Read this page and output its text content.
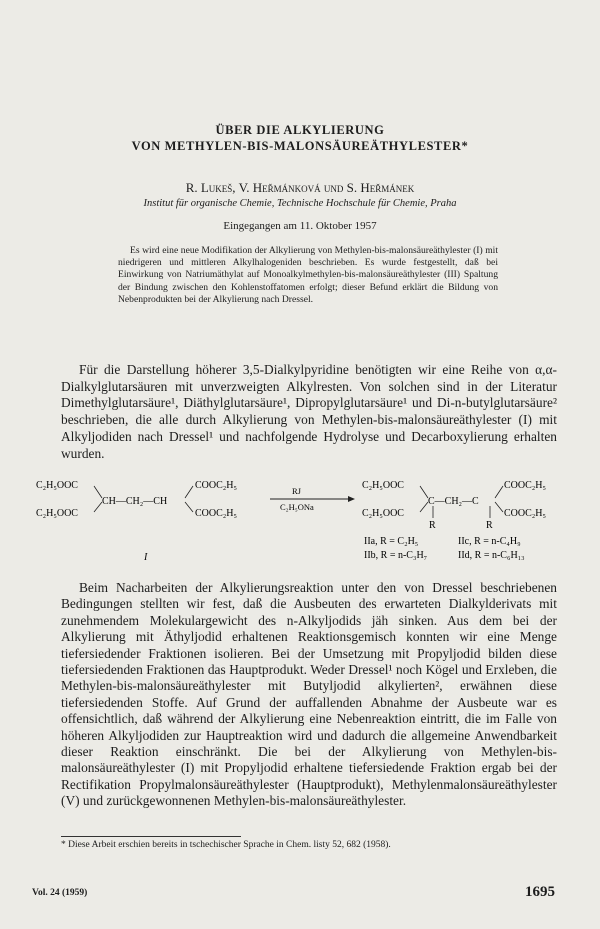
ÜBER DIE ALKYLIERUNG
VON METHYLEN-BIS-MALONSÄUREÄTHYLESTER*
R. Lukeš, V. Heřmánková und S. Heřmánek
Institut für organische Chemie, Technische Hochschule für Chemie, Praha
Eingegangen am 11. Oktober 1957

Es wird eine neue Modifikation der Alkylierung von Methylen-bis-malonsäureäthylester (I) mit niedrigeren und mittleren Alkylhalogeniden beschrieben. Es wurde festgestellt, daß bei Einwirkung von Natriumäthylat auf Monoalkylmethylen-bis-malonsäureäthylester (III) Spaltung der Bindung zwischen den Kohlenstoffatomen erfolgt; dieser Befund erklärt die Bildung von Nebenprodukten bei der Alkylierung nach Dressel.

Für die Darstellung höherer 3,5-Dialkylpyridine benötigten wir eine Reihe von α,α-Dialkylglutarsäuren mit unverzweigten Alkylresten. Von solchen sind in der Literatur Dimethylglutarsäure¹, Diäthylglutarsäure¹, Dipropylglutarsäure¹ und Di-n-butylglutarsäure² beschrieben, die alle durch Alkylierung von Methylen-bis-malonsäureäthylester (I) mit Alkyljodiden nach Dressel¹ und nachfolgende Hydrolyse und Decarboxylierung erhalten wurden.

C₂H₅OOC
C₂H₅OOC
CH—CH₂—CH
COOC₂H₅
COOC₂H₅
I
RJ
C₂H₅ONa
C₂H₅OOC
C₂H₅OOC
C—CH₂—C
R	R
COOC₂H₅
COOC₂H₅
IIa, R = C₂H₅	IIc, R = n-C₄H₉
IIb, R = n-C₃H₇	IId, R = n-C₆H₁₃

Beim Nacharbeiten der Alkylierungsreaktion unter den von Dressel beschriebenen Bedingungen stellten wir fest, daß die Ausbeuten des erwarteten Dialkylderivats mit zunehmendem Molekulargewicht des n-Alkyljodids jäh sinken. Aus dem bei der Alkylierung mit Äthyljodid erhaltenen Reaktionsgemisch konnten wir eine Menge tiefersiedender Fraktionen isolieren. Bei der Umsetzung mit Propyljodid bilden diese tiefersiedenden Fraktionen das Hauptprodukt. Weder Dressel¹ noch Kögel und Erxleben, die Methylen-bis-malonsäureäthylester mit Butyljodid alkylierten², erwähnen diese tiefersiedenden Stoffe. Auf Grund der auffallenden Abnahme der Ausbeute war es offensichtlich, daß während der Alkylierung eine Nebenreaktion eintritt, die im Falle von höheren Alkyljodiden zur Hauptreaktion wird und dadurch die allgemeine Anwendbarkeit dieser Reaktion einschränkt. Die bei der Alkylierung von Methylen-bis-malonsäureäthylester (I) mit Propyljodid erhaltene tiefersiedende Fraktion ergab bei der Rectifikation Propylmalonsäureäthylester (Hauptprodukt), Methylenmalonsäureäthylester (V) und zurückgewonnenen Methylen-bis-malonsäureäthylester.

* Diese Arbeit erschien bereits in tschechischer Sprache in Chem. listy 52, 682 (1958).
Vol. 24 (1959)	1695
